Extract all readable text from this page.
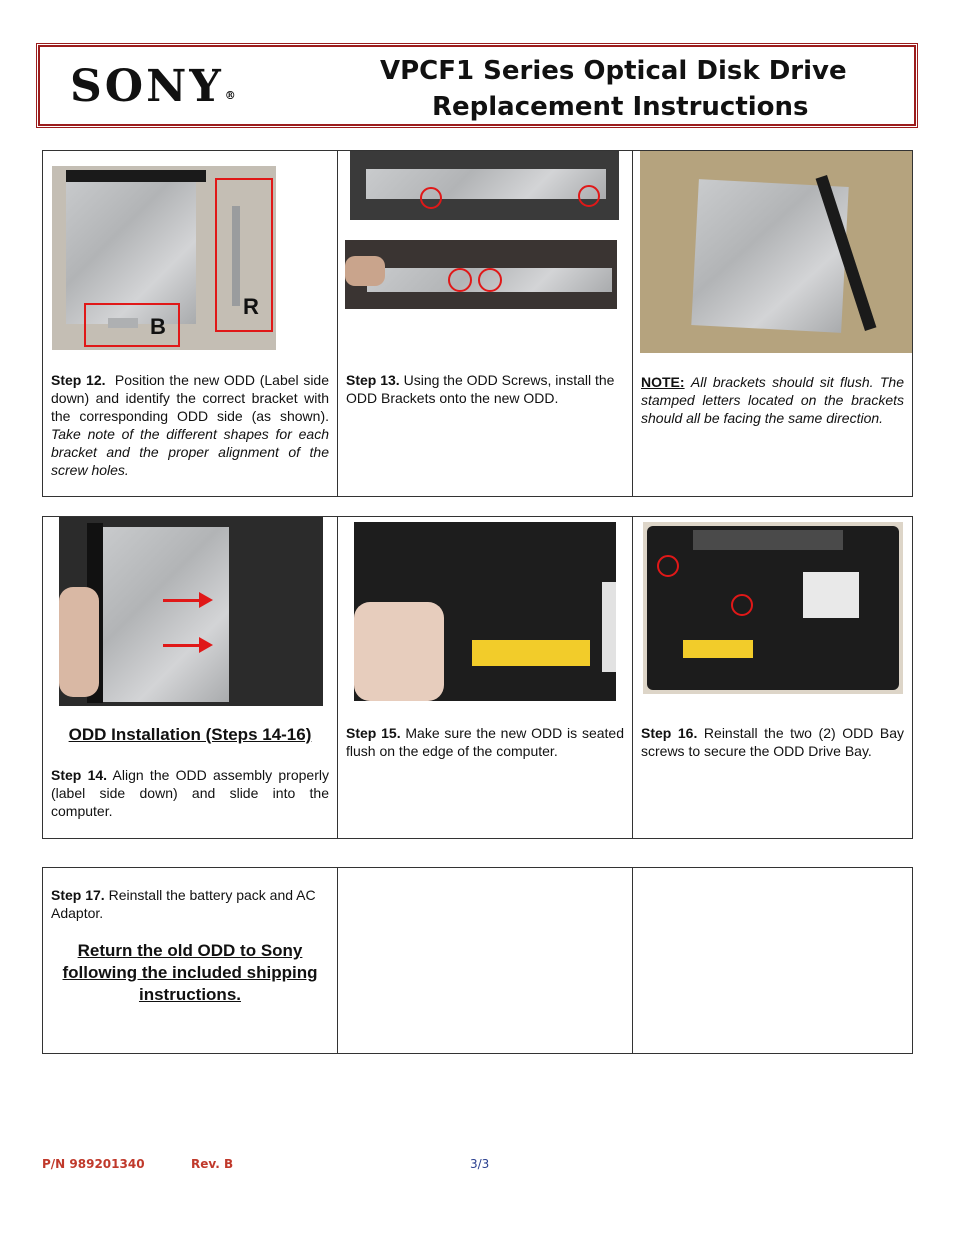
SONY®
VPCF1 Series Optical Disk Drive
Replacement Instructions
R
B
Step 12. Position the new ODD (Label side down) and identify the correct bracket with the corresponding ODD side (as shown). Take note of the different shapes for each bracket and the proper alignment of the screw holes.

Step 13. Using the ODD Screws, install the ODD Brackets onto the new ODD.

NOTE: All brackets should sit flush. The stamped letters located on the brackets should all be facing the same direction.
ODD Installation (Steps 14-16)
Step 14. Align the ODD assembly properly (label side down) and slide into the computer.

Step 15. Make sure the new ODD is seated flush on the edge of the computer.

Step 16. Reinstall the two (2) ODD Bay screws to secure the ODD Drive Bay.
Step 17. Reinstall the battery pack and AC Adaptor.
Return the old ODD to Sony following the included shipping instructions.

P/N 989201340	Rev. B	3/3
